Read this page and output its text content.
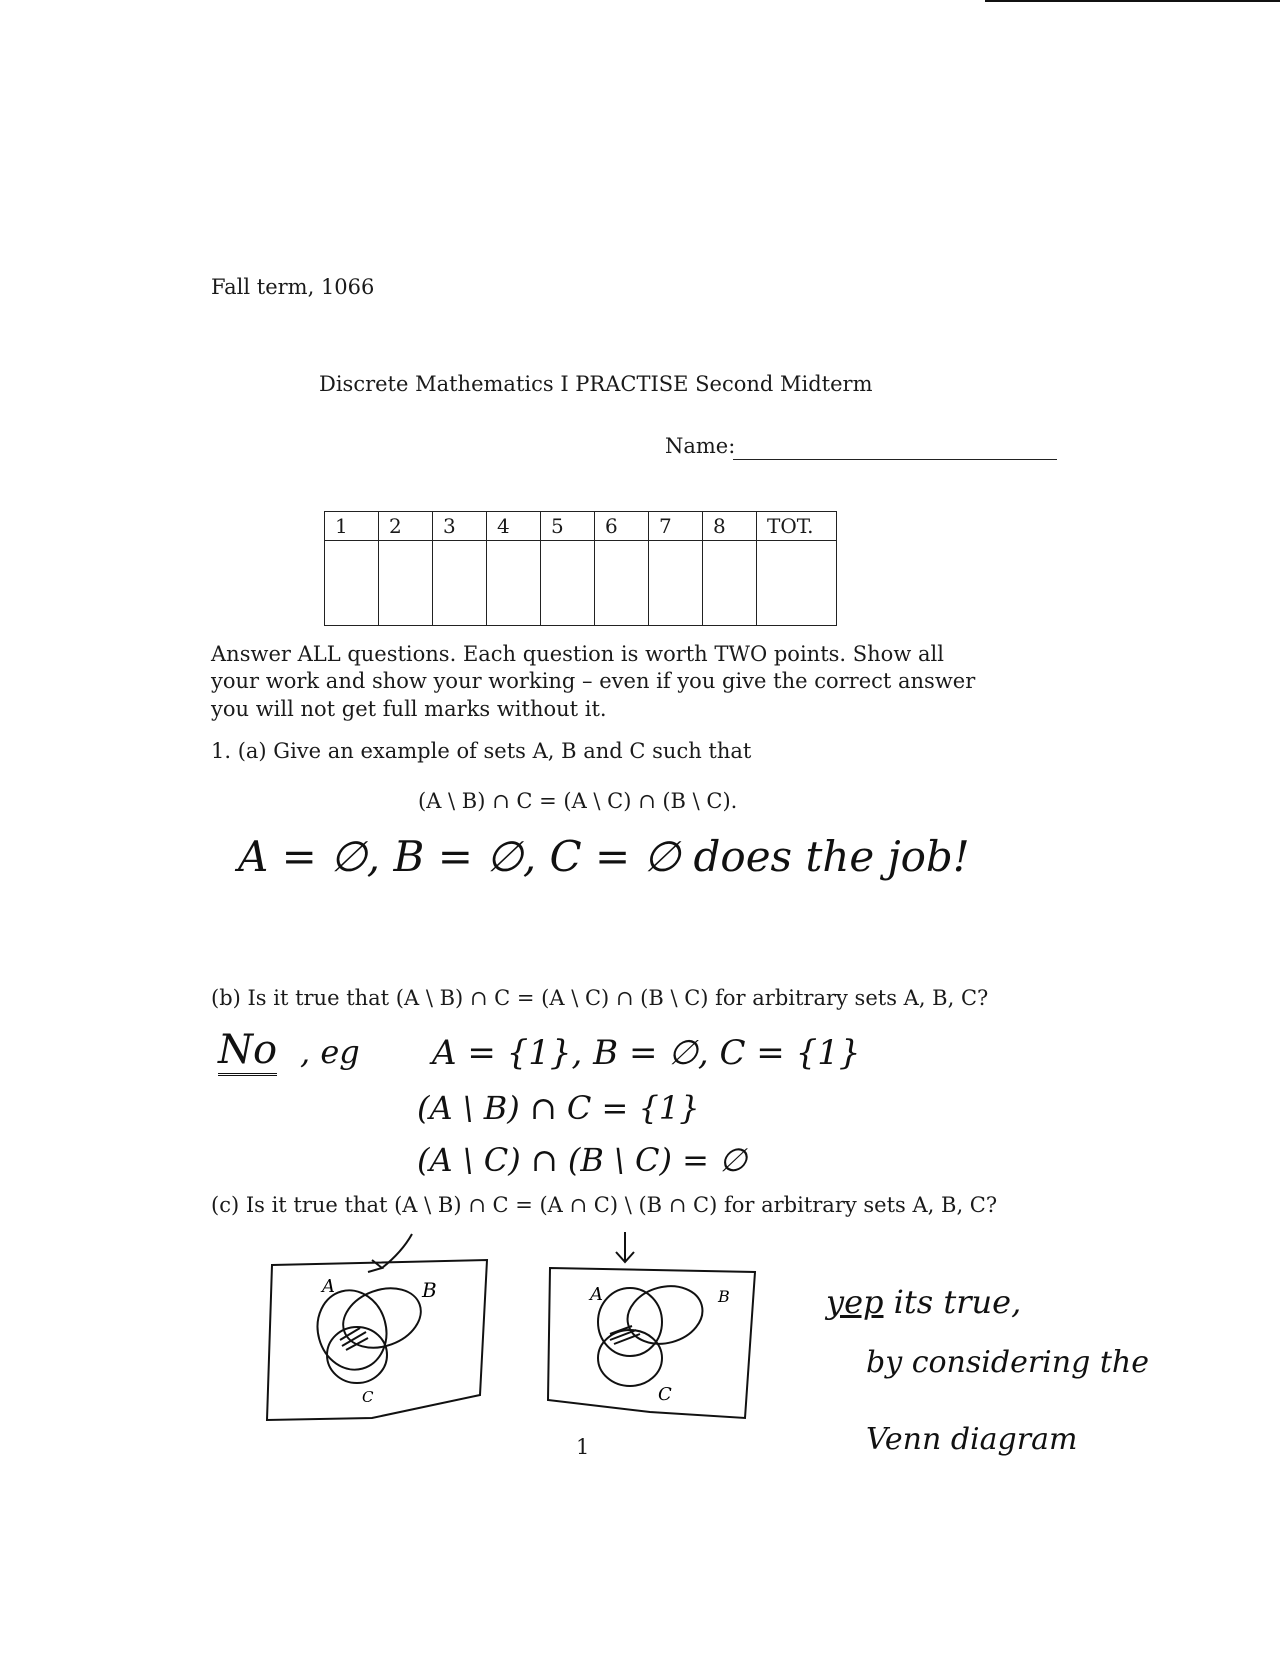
Fall term, 1066
Discrete Mathematics I PRACTISE Second Midterm
Name:
1	2	3	4	5	6	7	8	TOT.

Answer ALL questions. Each question is worth TWO points. Show all your work and show your working – even if you give the correct answer you will not get full marks without it.
1. (a) Give an example of sets A, B and C such that
(A \ B) ∩ C = (A \ C) ∩ (B \ C).
A = ∅, B = ∅, C = ∅ does the job!
(b) Is it true that (A \ B) ∩ C = (A \ C) ∩ (B \ C) for arbitrary sets A, B, C?
No , eg A = {1}, B = ∅, C = {1}
(A \ B) ∩ C = {1}
(A \ C) ∩ (B \ C) = ∅
(c) Is it true that (A \ B) ∩ C = (A ∩ C) \ (B ∩ C) for arbitrary sets A, B, C?
A	B
C
A	B
C
yep its true,
by considering the
Venn diagram
1
